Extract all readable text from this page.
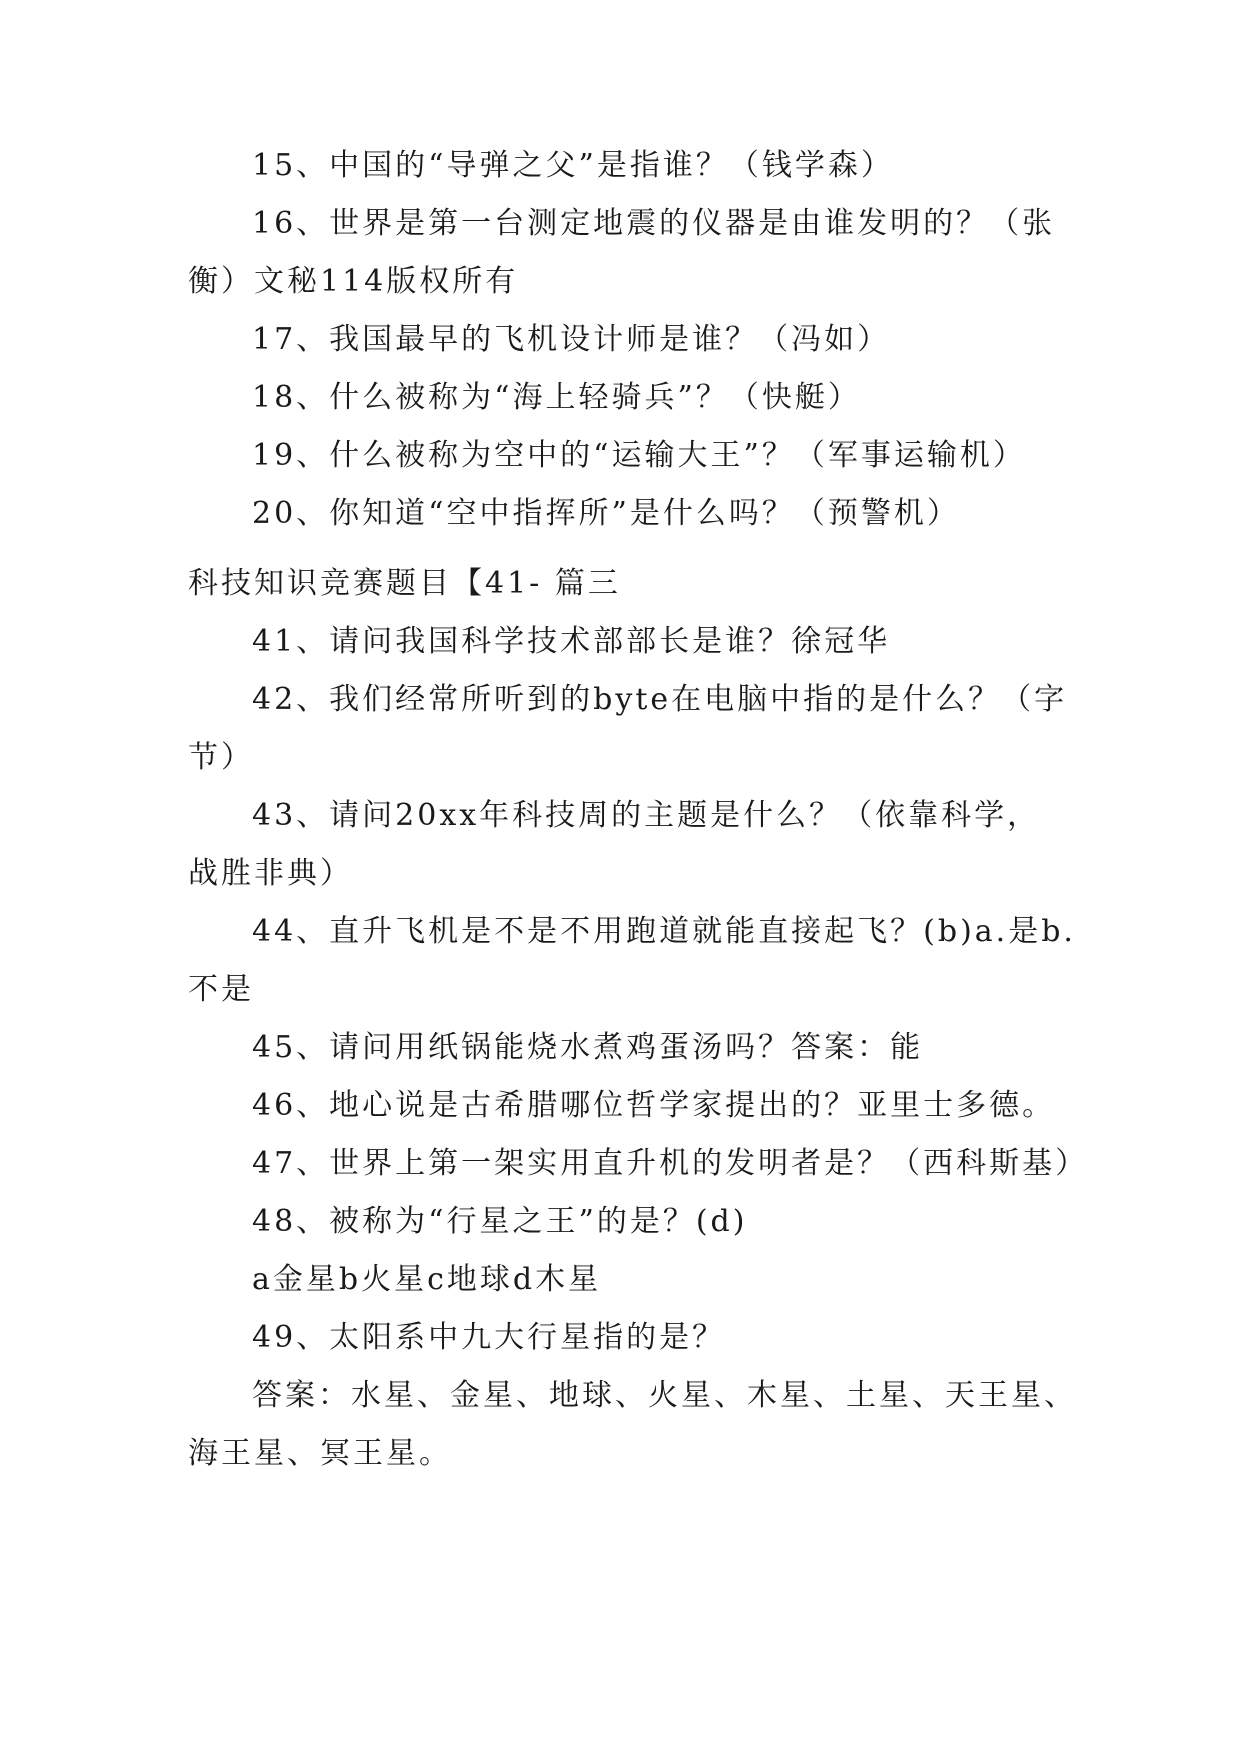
15、中国的“导弹之父”是指谁？（钱学森）
16、世界是第一台测定地震的仪器是由谁发明的？（张
衡）文秘114版权所有
17、我国最早的飞机设计师是谁？（冯如）
18、什么被称为“海上轻骑兵”？（快艇）
19、什么被称为空中的“运输大王”？（军事运输机）
20、你知道“空中指挥所”是什么吗？（预警机）
科技知识竞赛题目【41- 篇三
41、请问我国科学技术部部长是谁？徐冠华
42、我们经常所听到的byte在电脑中指的是什么？（字
节）
43、请问20xx年科技周的主题是什么？（依靠科学，
战胜非典）
44、直升飞机是不是不用跑道就能直接起飞？(b)a.是b.
不是
45、请问用纸锅能烧水煮鸡蛋汤吗？答案：能
46、地心说是古希腊哪位哲学家提出的？亚里士多德。
47、世界上第一架实用直升机的发明者是？（西科斯基）
48、被称为“行星之王”的是？(d)
a金星b火星c地球d木星
49、太阳系中九大行星指的是？
答案：水星、金星、地球、火星、木星、土星、天王星、
海王星、冥王星。
